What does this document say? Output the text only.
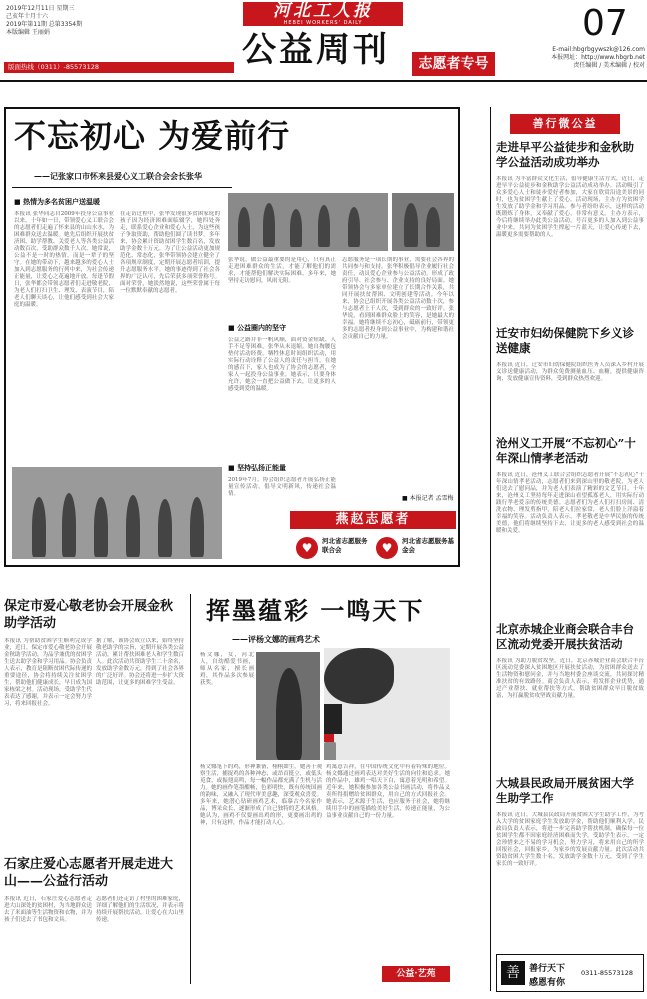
2019年12月11日 星期三
己亥年十月十六
2019年第11期 总第3354期
本版编辑 王丽娟
版面热线（0311）-85573128
河北工人报
HEBEI WORKERS' DAILY
公益周刊	志愿者专号
07
E-mail:hbgrbgywszk@126.com
本报网址：http://www.hbgrb.net
责任编辑 / 美术编辑 / 校对
不忘初心 为爱前行
——记张家口市怀来县爱心义工联合会会长张华
■ 热情为多名贫困户送温暖
本报讯 张华同志自2009年投身公益事业以来，十年如一日，带领爱心义工联合会的志愿者们走遍了怀来县的山山水水，为困难群众送去温暖。她先后组织开展扶贫济困、助学帮教、关爱老人等各类公益活动数百次，受助群众数千人次。她常说，公益不是一时的热情，而是一辈子的坚守。在她的带动下，越来越多的爱心人士加入到志愿服务的行列中来，为社会传递正能量，让爱心之花遍地开放。每逢节假日，张华都会带领志愿者们走进敬老院，为老人们打扫卫生、理发、表演节目，陪老人们聊天谈心，让他们感受到社会大家庭的温暖。
在走访过程中，张华发现很多贫困家庭的孩子因为经济困难面临辍学，她四处奔走，联系爱心企业和爱心人士，为这些孩子争取资助，帮助他们圆了读书梦。多年来，协会累计资助贫困学生数百名，发放助学金数十万元。为了让公益活动更加规范化、常态化，张华带领协会建立健全了各项规章制度，定期开展志愿者培训，提升志愿服务水平。她的事迹得到了社会各界的广泛认可，先后荣获多项荣誉称号。面对荣誉，她淡然地说，这些荣誉属于每一位默默奉献的志愿者。
张华说，做公益最重要的是用心，只有真正走进困难群众的生活，才能了解他们的需求，才能帮他们解决实际困难。多年来，她坚持走访慰问，风雨无阻。
■ 公益圈内的坚守
公益之路并非一帆风顺，面对资金短缺、人手不足等困难，张华从未退缩。她自掏腰包垫付活动经费，牺牲休息时间组织活动，用实际行动诠释了公益人的责任与担当。在她的感召下，家人也成为了协会的志愿者，全家人一起投身公益事业。她表示，只要身体允许，她会一直把公益做下去，让更多的人感受到爱的温暖。
■ 坚持弘扬正能量
2019年7月，协会组织志愿者开展弘扬正能量宣传活动，倡导文明新风，传递社会温情。
志愿服务是一项长期的事业，需要社会各界的共同参与和支持。张华积极倡导企业履行社会责任，动员爱心企业参与公益活动，形成了政府引导、社会参与、企业支持的良好局面。她带领协会与多家单位建立了长期合作关系，共同开展扶贫帮困、文明创建等活动。今年以来，协会已组织开展各类公益活动数十次，参与志愿者上千人次，受到群众的一致好评。张华说，看到困难群众脸上的笑容，是她最大的幸福。她将继续不忘初心，砥砺前行，带领更多的志愿者投身到公益事业中，为构建和谐社会贡献自己的力量。
■ 本报记者 孟雪梅
燕赵志愿者
♥	河北省志愿服务联合会	♥	河北省志愿服务基金会
保定市爱心敬老协会开展金秋助学活动
本报讯 为帮助贫困学生顺利完成学业，近日，保定市爱心敬老协会开展金秋助学活动，为品学兼优的贫困学生送去助学金和学习用品。协会负责人表示，教育是阻断贫困代际传递的重要途径，协会将持续关注贫困学生，帮助他们健康成长，早日成为国家栋梁之材。活动现场，受助学生代表表达了感谢，并表示一定会努力学习，将来回报社会。
据了解，该协会成立以来，始终坚持敬老助学的宗旨，定期开展各类公益活动，累计帮扶困难老人和学生数百人。此次活动共资助学生二十余名，发放助学金数万元，得到了社会各界的广泛好评。协会还将进一步扩大资助范围，让更多的困难学生受益。
石家庄爱心志愿者开展走进大山——公益行活动
本报讯 近日，石家庄爱心志愿者走进大山深处的贫困村，为当地群众送去了米面油等生活物资和衣物，并为孩子们送去了书包和文具。
志愿者们还走访了村里的困难家庭，详细了解他们的生活状况，并表示将持续开展帮扶活动，让爱心在大山里传递。
挥墨蕴彩 一鸣天下
——评杨文娜的画鸡艺术
杨文娜，女，河北人，自幼酷爱书画，师从名家，擅长画鸡，其作品多次参展获奖。
杨文娜笔下的鸡，形神兼备，栩栩如生。她善于观察生活，捕捉鸡的各种神态，或昂首挺立，或低头觅食，或振翅高鸣，每一幅作品都充满了生机与活力。她的画作笔墨酣畅，色彩明快，既有传统国画的韵味，又融入了现代审美意趣，深受观众喜爱。多年来，她潜心钻研画鸡艺术，临摹古今名家作品，博采众长，逐渐形成了自己独特的艺术风格。她认为，画鸡不仅要画出鸡的形，更要画出鸡的神，只有这样，作品才能打动人心。
鸡寓意吉祥，在中国传统文化中有着特殊的地位。杨文娜通过画鸡表达对美好生活的向往和追求。她的作品中，雄鸡一唱天下白，寓意着光明和希望。近年来，她积极参加各类公益书画活动，将作品义卖所得捐赠给贫困群众，用自己的方式回报社会。她表示，艺术源于生活，也应服务于社会，她将继续用手中的画笔描绘美好生活，传递正能量，为公益事业贡献自己的一份力量。
公益·艺苑
善行微公益
走进早平公益徒步和金秋助学公益活动成功举办
本报讯 为丰富群众文化生活，倡导健康生活方式，近日，走进早平公益徒步和金秋助学公益活动成功举办。活动吸引了众多爱心人士和徒步爱好者参加，大家在欣赏沿途美景的同时，也为贫困学生献上了爱心。活动现场，主办方为贫困学生发放了助学金和学习用品。参与者纷纷表示，这样的活动既锻炼了身体，又奉献了爱心，非常有意义。主办方表示，今后将继续举办此类公益活动，号召更多的人加入到公益事业中来，共同为贫困学生撑起一片蓝天，让爱心传递下去，温暖更多需要帮助的人。
迁安市妇幼保健院下乡义诊送健康
本报讯 近日，迁安市妇幼保健院组织医务人员深入乡村开展义诊送健康活动，为群众免费测量血压、血糖，提供健康咨询，发放健康宣传资料，受到群众热烈欢迎。
沧州义工开展“不忘初心”十年深山情孝老活动
本报讯 近日，沧州义工联合会组织志愿者开展“不忘初心”十年深山情孝老活动，志愿者们来到深山里的敬老院，为老人们送去了慰问品，并为老人们表演了精彩的文艺节目。十年来，沧州义工坚持每年走进深山看望孤寡老人，用实际行动践行孝老爱亲的传统美德。志愿者们为老人们打扫房间、清洗衣物、理发剪指甲，陪老人们拉家常，老人们脸上洋溢着幸福的笑容。活动负责人表示，孝老敬老是中华民族的传统美德，他们将继续坚持下去，让更多的老人感受到社会的温暖和关爱。
北京赤城企业商会联合丰台区流动党委开展扶贫活动
本报讯 为助力脱贫攻坚，近日，北京赤城企业商会联合丰台区流动党委深入贫困地区开展扶贫活动，为贫困群众送去了生活物资和慰问金，并与当地村委会座谈交流，共同探讨精准扶贫的有效路径。商会负责人表示，将发挥企业优势，通过产业帮扶、就业帮扶等方式，帮助贫困群众早日脱贫致富，为打赢脱贫攻坚战贡献力量。
大城县民政局开展贫困大学生助学工作
本报讯 近日，大城县民政局开展贫困大学生助学工作，为考入大学的贫困家庭学生发放助学金，帮助他们顺利入学。民政局负责人表示，将进一步完善助学帮扶机制，确保每一位贫困学生都不因家庭经济困难而失学。受助学生表示，一定会珍惜来之不易的学习机会，努力学习，将来用自己的所学回报社会，回报家乡，为家乡的发展贡献力量。此次活动共资助贫困大学生数十名，发放助学金数十万元，受到了学生家长的一致好评。
善	善行天下
感恩有你
0311-85573128
